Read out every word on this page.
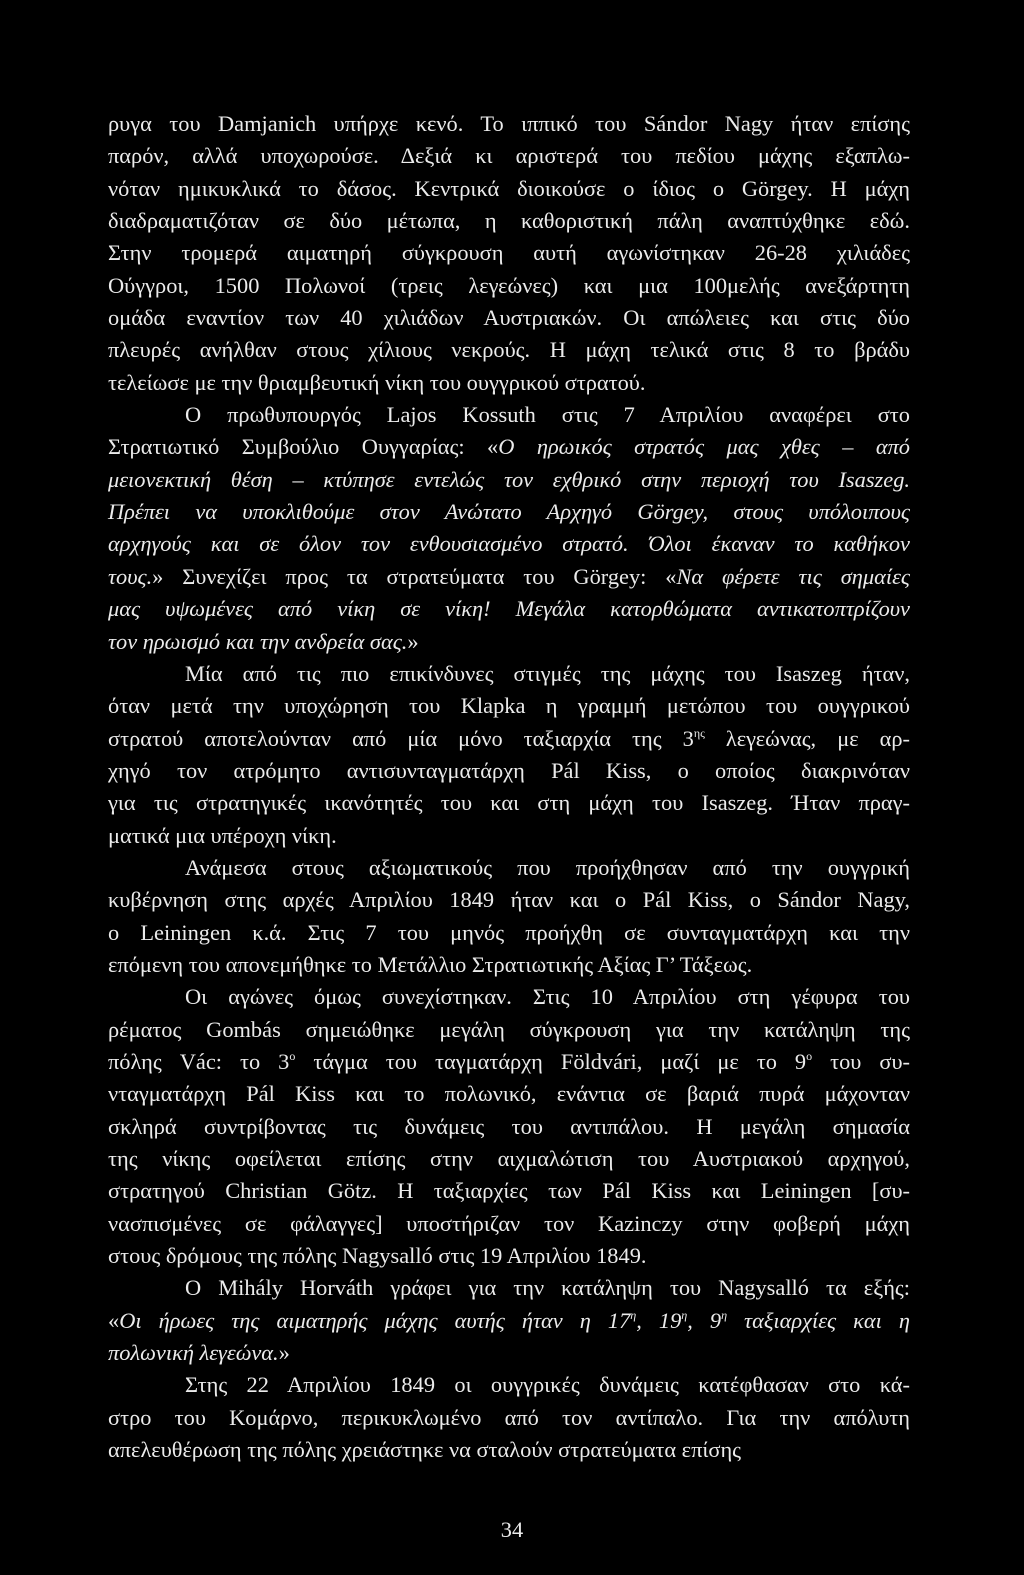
ρυγα του Damjanich υπήρχε κενό. Το ιππικό του Sándor Nagy ήταν επίσης
παρόν, αλλά υποχωρούσε. Δεξιά κι αριστερά του πεδίου μάχης εξαπλω-
νόταν ημικυκλικά το δάσος. Κεντρικά διοικούσε ο ίδιος ο Görgey. Η μάχη
διαδραματιζόταν σε δύο μέτωπα, η καθοριστική πάλη αναπτύχθηκε εδώ.
Στην τρομερά αιματηρή σύγκρουση αυτή αγωνίστηκαν 26-28 χιλιάδες
Ούγγροι, 1500 Πολωνοί (τρεις λεγεώνες) και μια 100μελής ανεξάρτητη
ομάδα εναντίον των 40 χιλιάδων Αυστριακών. Οι απώλειες και στις δύο
πλευρές ανήλθαν στους χίλιους νεκρούς. Η μάχη τελικά στις 8 το βράδυ
τελείωσε με την θριαμβευτική νίκη του ουγγρικού στρατού.
Ο πρωθυπουργός Lajos Kossuth στις 7 Απριλίου αναφέρει στο
Στρατιωτικό Συμβούλιο Ουγγαρίας: «Ο ηρωικός στρατός μας χθες – από
μειονεκτική θέση – κτύπησε εντελώς τον εχθρικό στην περιοχή του Isaszeg.
Πρέπει να υποκλιθούμε στον Ανώτατο Αρχηγό Görgey, στους υπόλοιπους
αρχηγούς και σε όλον τον ενθουσιασμένο στρατό. Όλοι έκαναν το καθήκον
τους.» Συνεχίζει προς τα στρατεύματα του Görgey: «Να φέρετε τις σημαίες
μας υψωμένες από νίκη σε νίκη! Μεγάλα κατορθώματα αντικατοπτρίζουν
τον ηρωισμό και την ανδρεία σας.»
Μία από τις πιο επικίνδυνες στιγμές της μάχης του Isaszeg ήταν,
όταν μετά την υποχώρηση του Klapka η γραμμή μετώπου του ουγγρικού
στρατού αποτελούνταν από μία μόνο ταξιαρχία της $3^{\eta\varsigma}$ λεγεώνας, με αρ-
χηγό τον ατρόμητο αντισυνταγματάρχη Pál Kiss, ο οποίος διακρινόταν
για τις στρατηγικές ικανότητές του και στη μάχη του Isaszeg. Ήταν πραγ-
ματικά μια υπέροχη νίκη.
Ανάμεσα στους αξιωματικούς που προήχθησαν από την ουγγρική
κυβέρνηση στης αρχές Απριλίου 1849 ήταν και ο Pál Kiss, ο Sándor Nagy,
ο Leiningen κ.ά. Στις 7 του μηνός προήχθη σε συνταγματάρχη και την
επόμενη του απονεμήθηκε το Μετάλλιο Στρατιωτικής Αξίας Γ’ Τάξεως.
Οι αγώνες όμως συνεχίστηκαν. Στις 10 Απριλίου στη γέφυρα του
ρέματος Gombás σημειώθηκε μεγάλη σύγκρουση για την κατάληψη της
πόλης Vác: το $3^o$ τάγμα του ταγματάρχη Földvári, μαζί με το $9^o$ του συ-
νταγματάρχη Pál Kiss και το πολωνικό, ενάντια σε βαριά πυρά μάχονταν
σκληρά συντρίβοντας τις δυνάμεις του αντιπάλου. Η μεγάλη σημασία
της νίκης οφείλεται επίσης στην αιχμαλώτιση του Αυστριακού αρχηγού,
στρατηγού Christian Götz. Η ταξιαρχίες των Pál Kiss και Leiningen [συ-
νασπισμένες σε φάλαγγες] υποστήριζαν τον Kazinczy στην φοβερή μάχη
στους δρόμους της πόλης Nagysalló στις 19 Απριλίου 1849.
Ο Mihály Horváth γράφει για την κατάληψη του Nagysalló τα εξής:
«Οι ήρωες της αιματηρής μάχης αυτής ήταν η $17^\eta$, $19^\eta$, $9^\eta$ ταξιαρχίες και η
πολωνική λεγεώνα.»
Στης 22 Απριλίου 1849 οι ουγγρικές δυνάμεις κατέφθασαν στο κά-
στρο του Κομάρνο, περικυκλωμένο από τον αντίπαλο. Για την απόλυτη
απελευθέρωση της πόλης χρειάστηκε να σταλούν στρατεύματα επίσης
34
